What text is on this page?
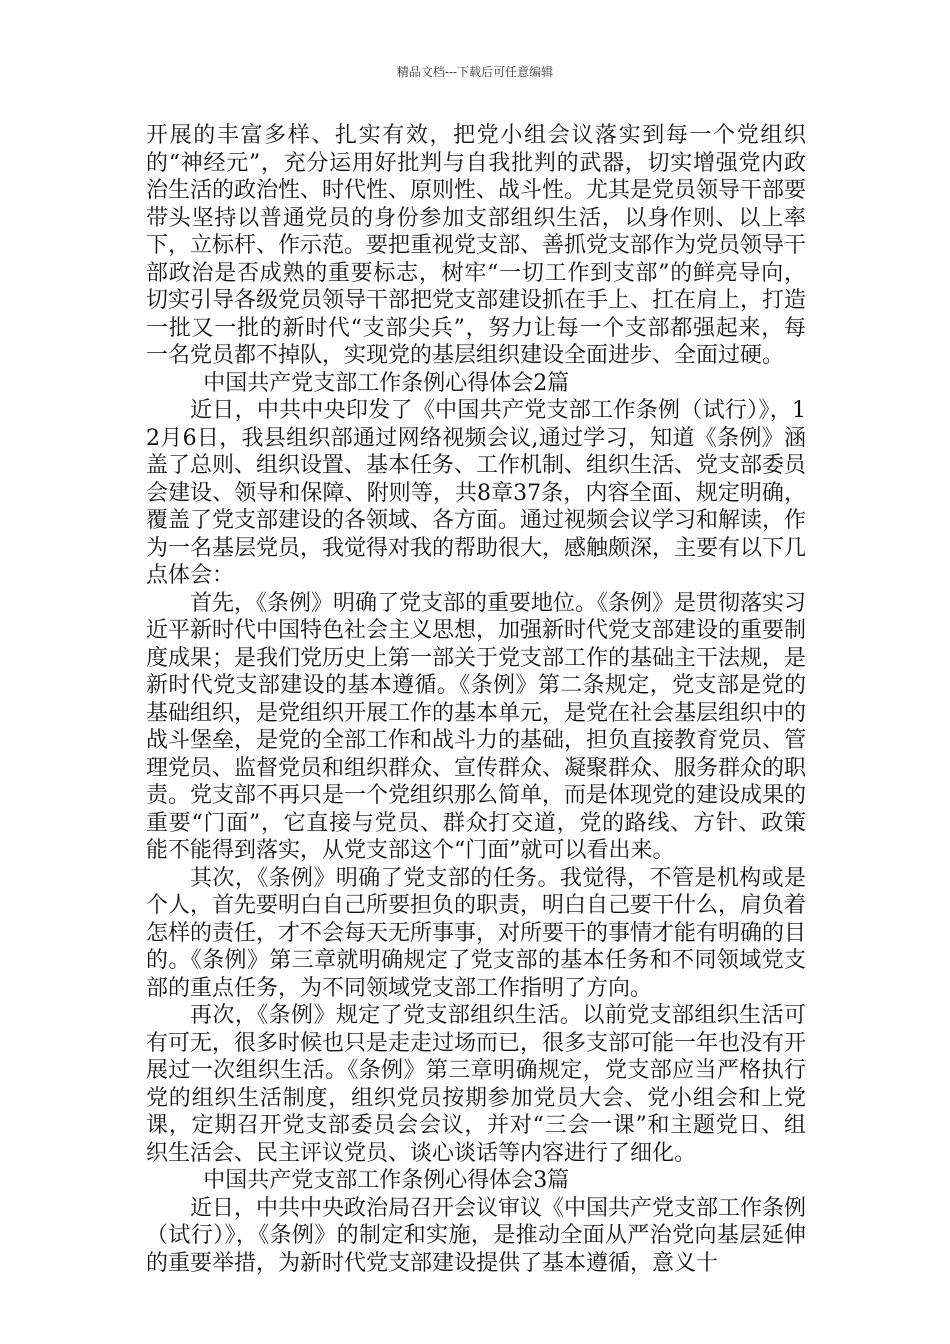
精品文档---下载后可任意编辑

开展的丰富多样、扎实有效，把党小组会议落实到每一个党组织的“神经元”，充分运用好批判与自我批判的武器，切实增强党内政治生活的政治性、时代性、原则性、战斗性。尤其是党员领导干部要带头坚持以普通党员的身份参加支部组织生活，以身作则、以上率下，立标杆、作示范。要把重视党支部、善抓党支部作为党员领导干部政治是否成熟的重要标志，树牢“一切工作到支部”的鲜亮导向，切实引导各级党员领导干部把党支部建设抓在手上、扛在肩上，打造一批又一批的新时代“支部尖兵”，努力让每一个支部都强起来，每一名党员都不掉队，实现党的基层组织建设全面进步、全面过硬。

中国共产党支部工作条例心得体会2篇

近日，中共中央印发了《中国共产党支部工作条例（试行）》，12月6日，我县组织部通过网络视频会议,通过学习，知道《条例》涵盖了总则、组织设置、基本任务、工作机制、组织生活、党支部委员会建设、领导和保障、附则等，共8章37条，内容全面、规定明确，覆盖了党支部建设的各领域、各方面。通过视频会议学习和解读，作为一名基层党员，我觉得对我的帮助很大，感触颇深，主要有以下几点体会：

首先，《条例》明确了党支部的重要地位。《条例》是贯彻落实习近平新时代中国特色社会主义思想，加强新时代党支部建设的重要制度成果；是我们党历史上第一部关于党支部工作的基础主干法规，是新时代党支部建设的基本遵循。《条例》第二条规定，党支部是党的基础组织，是党组织开展工作的基本单元，是党在社会基层组织中的战斗堡垒，是党的全部工作和战斗力的基础，担负直接教育党员、管理党员、监督党员和组织群众、宣传群众、凝聚群众、服务群众的职责。党支部不再只是一个党组织那么简单，而是体现党的建设成果的重要“门面”，它直接与党员、群众打交道，党的路线、方针、政策能不能得到落实，从党支部这个“门面”就可以看出来。

其次，《条例》明确了党支部的任务。我觉得，不管是机构或是个人，首先要明白自己所要担负的职责，明白自己要干什么，肩负着怎样的责任，才不会每天无所事事，对所要干的事情才能有明确的目的。《条例》第三章就明确规定了党支部的基本任务和不同领域党支部的重点任务，为不同领域党支部工作指明了方向。

再次，《条例》规定了党支部组织生活。以前党支部组织生活可有可无，很多时候也只是走走过场而已，很多支部可能一年也没有开展过一次组织生活。《条例》第三章明确规定，党支部应当严格执行党的组织生活制度，组织党员按期参加党员大会、党小组会和上党课，定期召开党支部委员会会议，并对“三会一课”和主题党日、组织生活会、民主评议党员、谈心谈话等内容进行了细化。

中国共产党支部工作条例心得体会3篇

近日，中共中央政治局召开会议审议《中国共产党支部工作条例（试行）》，《条例》的制定和实施，是推动全面从严治党向基层延伸的重要举措，为新时代党支部建设提供了基本遵循，意义十
